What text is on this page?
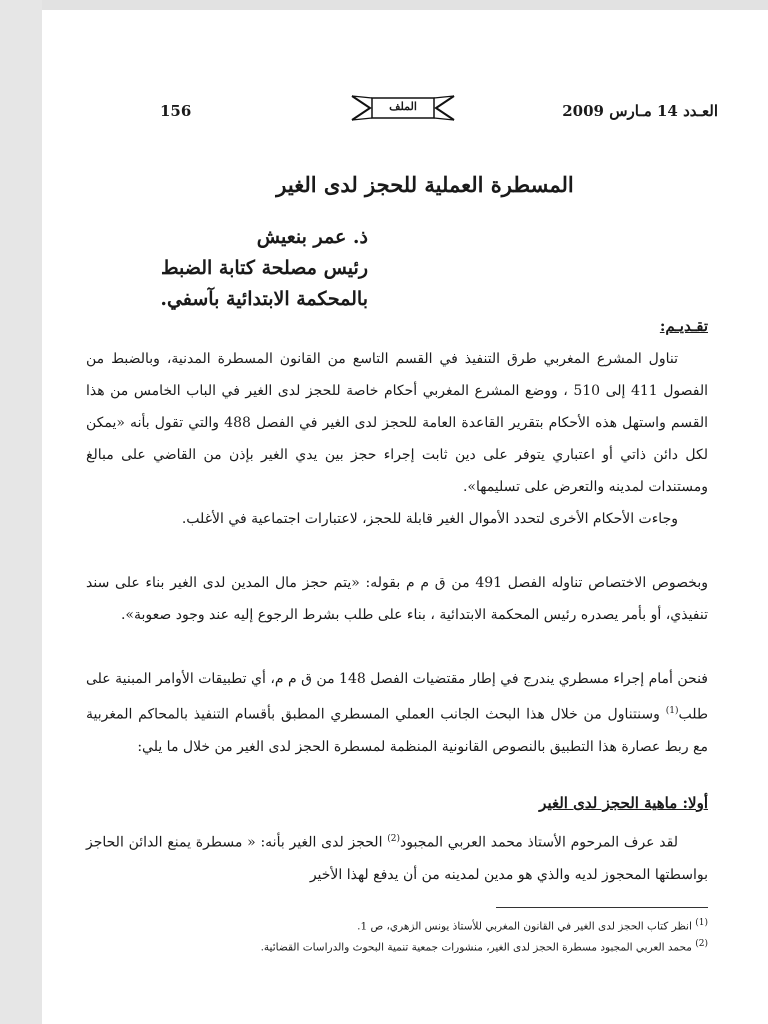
العـدد 14 مـارس 2009
الملف
156
المسطرة العملية للحجز لدى الغير
ذ. عمر بنعيش
رئيس مصلحة كتابة الضبط
بالمحكمة الابتدائية بآسفي.
تقـديـم:
تناول المشرع المغربي طرق التنفيذ في القسم التاسع من القانون المسطرة المدنية، وبالضبط من الفصول 411 إلى 510 ، ووضع المشرع المغربي أحكام خاصة للحجز لدى الغير في الباب الخامس من هذا القسم واستهل هذه الأحكام بتقرير القاعدة العامة للحجز لدى الغير في الفصل 488 والتي تقول بأنه «يمكن لكل دائن ذاتي أو اعتباري يتوفر على دين ثابت إجراء حجز بين يدي الغير بإذن من القاضي على مبالغ ومستندات لمدينه والتعرض على تسليمها».
وجاءت الأحكام الأخرى لتحدد الأموال الغير قابلة للحجز، لاعتبارات اجتماعية في الأغلب.
وبخصوص الاختصاص تناوله الفصل 491 من ق م م بقوله: «يتم حجز مال المدين لدى الغير بناء على سند تنفيذي، أو بأمر يصدره رئيس المحكمة الابتدائية ، بناء على طلب بشرط الرجوع إليه عند وجود صعوبة».
فنحن أمام إجراء مسطري يندرج في إطار مقتضيات الفصل 148 من ق م م، أي تطبيقات الأوامر المبنية على طلب$^{(1)}$ وسنتناول من خلال هذا البحث الجانب العملي المسطري المطبق بأقسام التنفيذ بالمحاكم المغربية مع ربط عصارة هذا التطبيق بالنصوص القانونية المنظمة لمسطرة الحجز لدى الغير من خلال ما يلي:
أولا: ماهية الحجز لدى الغير
لقد عرف المرحوم الأستاذ محمد العربي المجبود$^{(2)}$ الحجز لدى الغير بأنه: « مسطرة يمنع الدائن الحاجز بواسطتها المحجوز لديه والذي هو مدين لمدينه من أن يدفع لهذا الأخير
$^{(1)}$ انظر كتاب الحجز لدى الغير في القانون المغربي للأستاذ يونس الزهري، ص 1.
$^{(2)}$ محمد العربي المجبود مسطرة الحجز لدى الغير، منشورات جمعية تنمية البحوث والدراسات القضائية.
